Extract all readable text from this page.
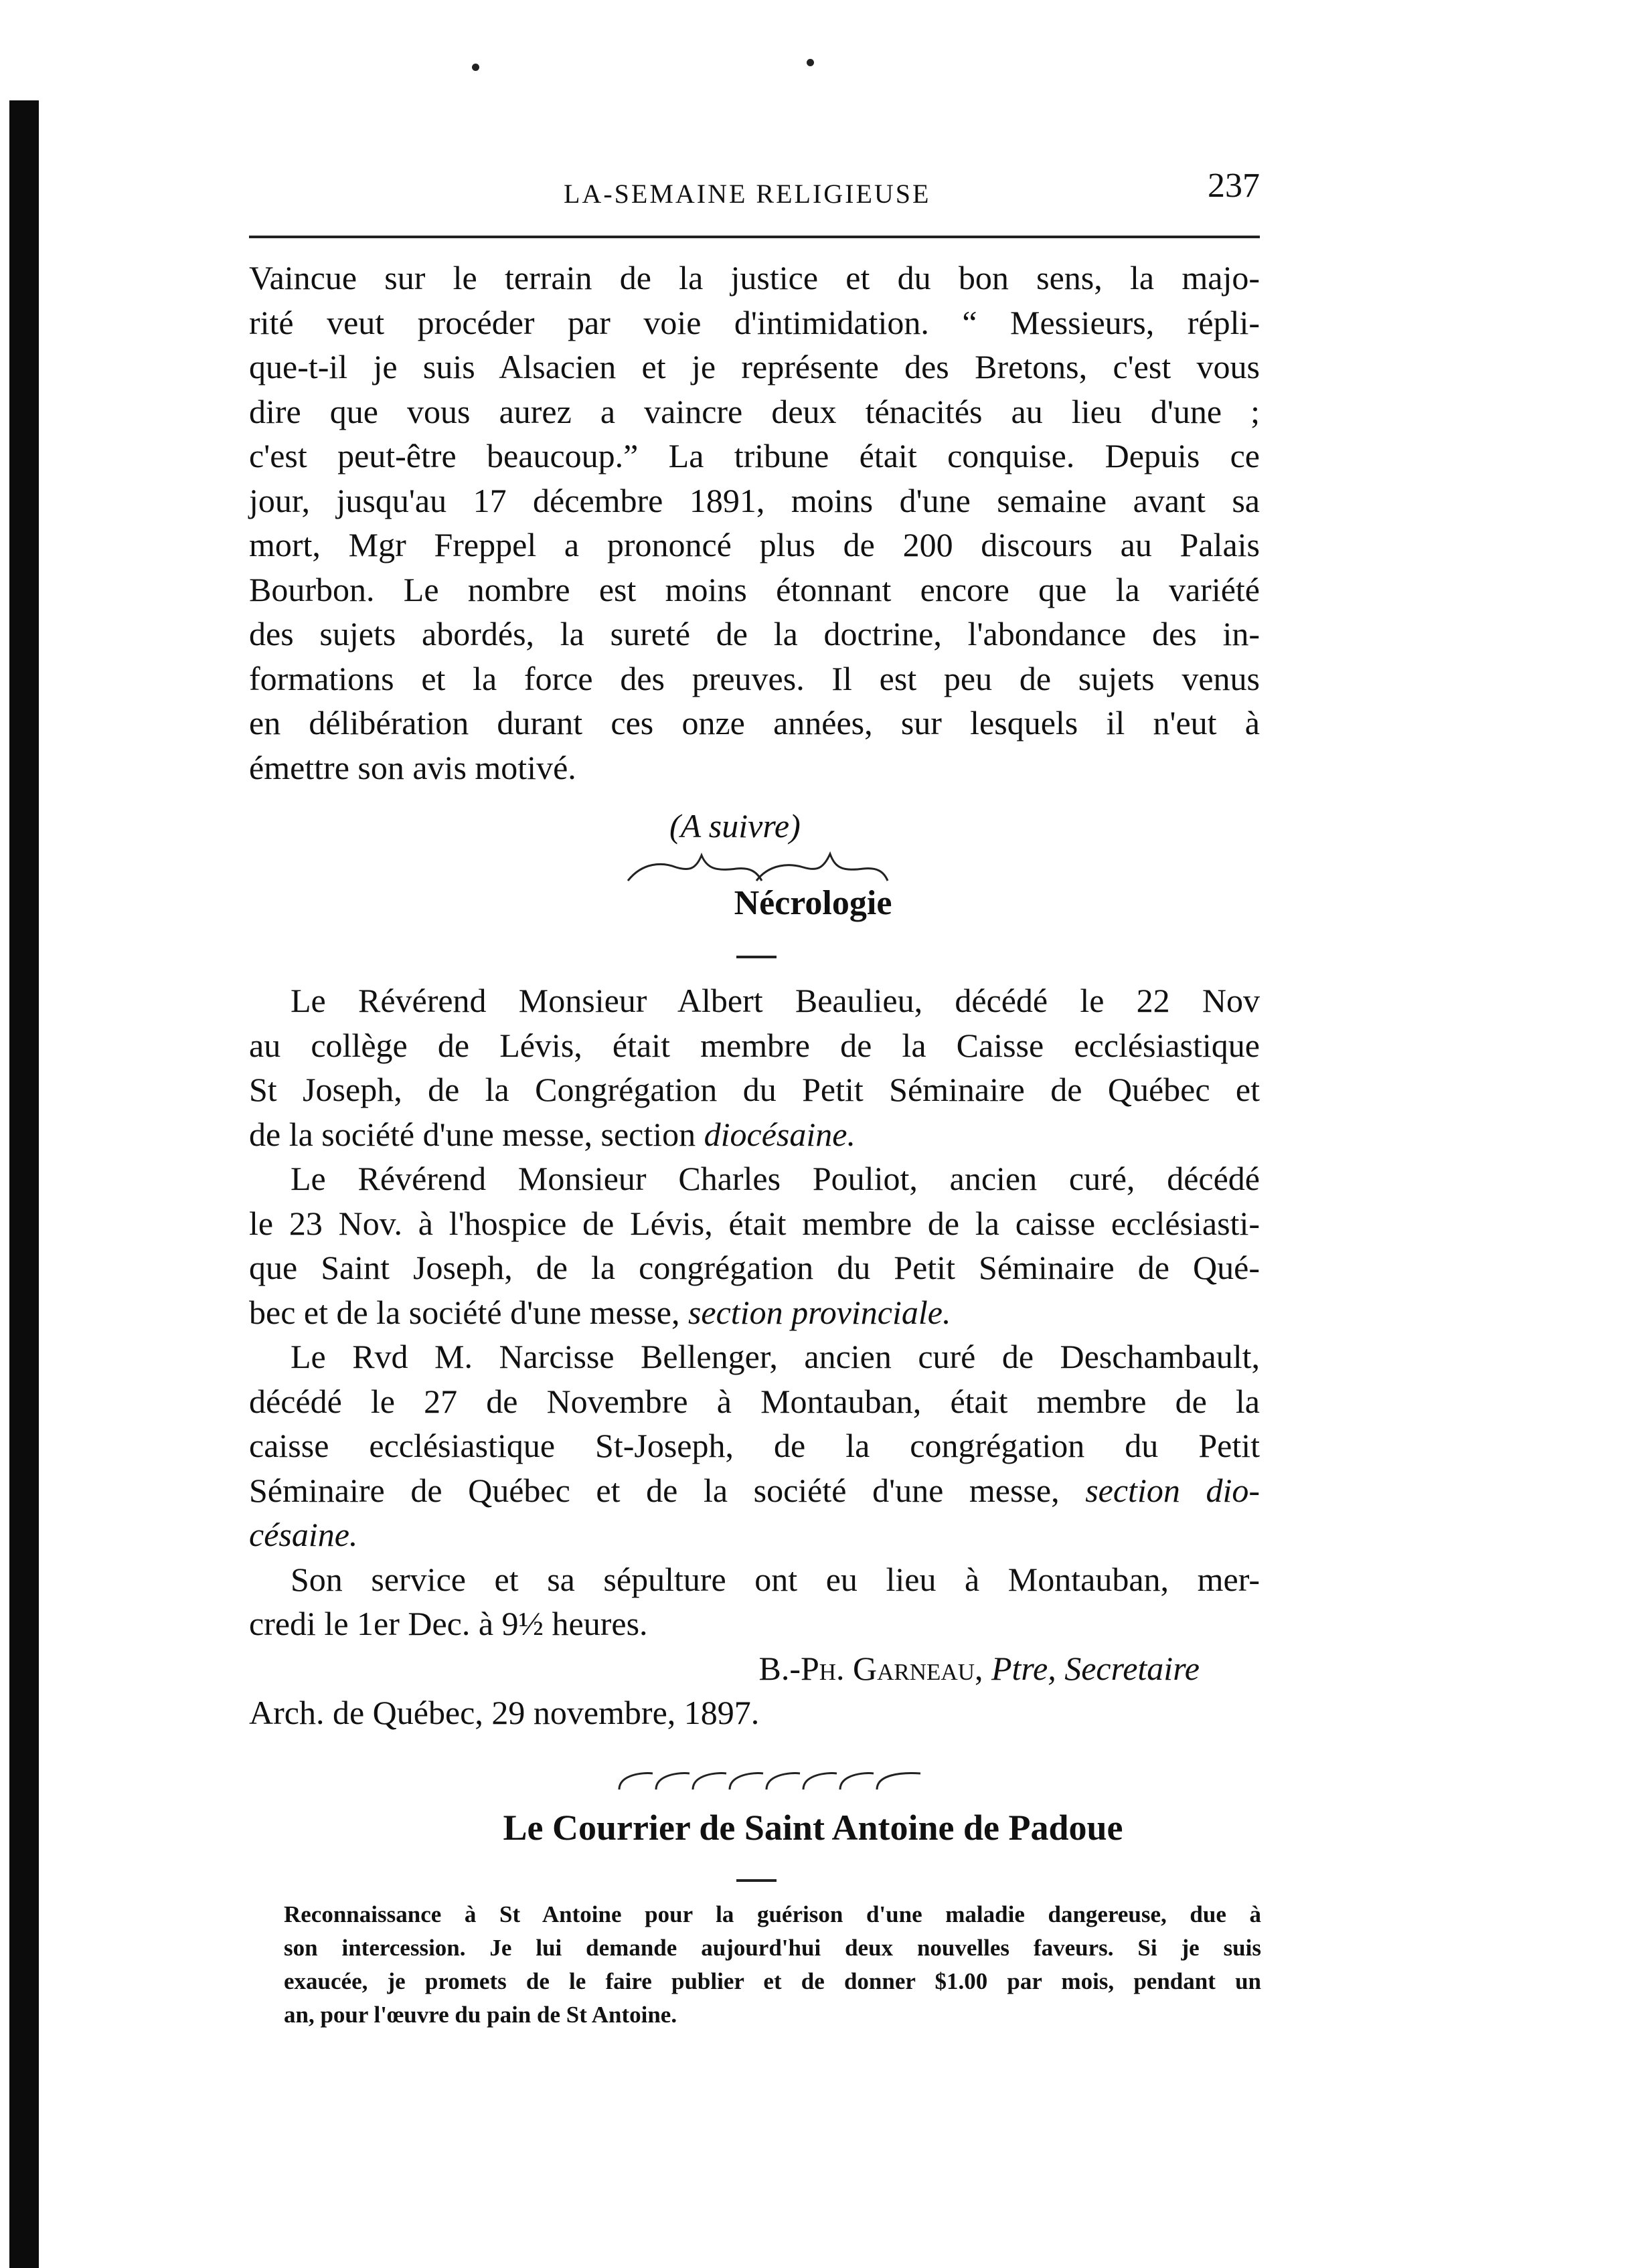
LA-SEMAINE RELIGIEUSE	237
Vaincue sur le terrain de la justice et du bon sens, la majo-
rité veut procéder par voie d'intimidation. “ Messieurs, répli-
que-t-il je suis Alsacien et je représente des Bretons, c'est vous
dire que vous aurez a vaincre deux ténacités au lieu d'une ;
c'est peut-être beaucoup.” La tribune était conquise. Depuis ce
jour, jusqu'au 17 décembre 1891, moins d'une semaine avant sa
mort, Mgr Freppel a prononcé plus de 200 discours au Palais
Bourbon. Le nombre est moins étonnant encore que la variété
des sujets abordés, la sureté de la doctrine, l'abondance des in-
formations et la force des preuves. Il est peu de sujets venus
en délibération durant ces onze années, sur lesquels il n'eut à
émettre son avis motivé.
(A suivre)
Nécrologie
Le Révérend Monsieur Albert Beaulieu, décédé le 22 Nov
au collège de Lévis, était membre de la Caisse ecclésiastique
St Joseph, de la Congrégation du Petit Séminaire de Québec et
de la société d'une messe, section diocésaine.
Le Révérend Monsieur Charles Pouliot, ancien curé, décédé
le 23 Nov. à l'hospice de Lévis, était membre de la caisse ecclésiasti-
que Saint Joseph, de la congrégation du Petit Séminaire de Qué-
bec et de la société d'une messe, section provinciale.
Le Rvd M. Narcisse Bellenger, ancien curé de Deschambault,
décédé le 27 de Novembre à Montauban, était membre de la
caisse ecclésiastique St-Joseph, de la congrégation du Petit
Séminaire de Québec et de la société d'une messe, section dio-
césaine.
Son service et sa sépulture ont eu lieu à Montauban, mer-
credi le 1er Dec. à 9½ heures.
B.-Ph. Garneau, Ptre, Secretaire
Arch. de Québec, 29 novembre, 1897.
Le Courrier de Saint Antoine de Padoue
Reconnaissance à St Antoine pour la guérison d'une maladie dangereuse, due à
son intercession. Je lui demande aujourd'hui deux nouvelles faveurs. Si je suis
exaucée, je promets de le faire publier et de donner $1.00 par mois, pendant un
an, pour l'œuvre du pain de St Antoine.
